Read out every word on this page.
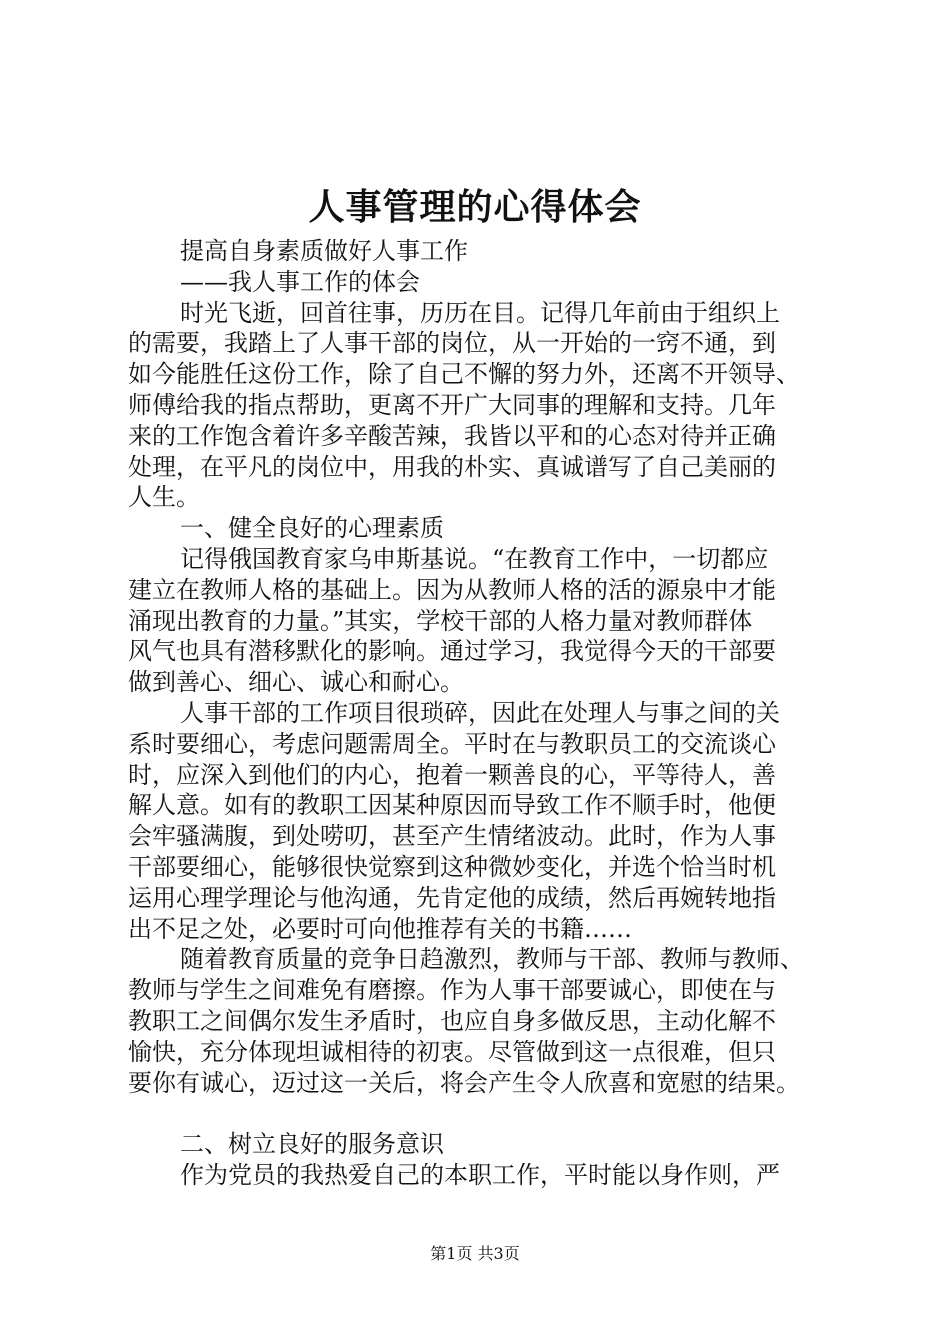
人事管理的心得体会
提高自身素质做好人事工作
——我人事工作的体会
时光飞逝，回首往事，历历在目。记得几年前由于组织上
的需要，我踏上了人事干部的岗位，从一开始的一窍不通，到
如今能胜任这份工作，除了自己不懈的努力外，还离不开领导、
师傅给我的指点帮助，更离不开广大同事的理解和支持。几年
来的工作饱含着许多辛酸苦辣，我皆以平和的心态对待并正确
处理，在平凡的岗位中，用我的朴实、真诚谱写了自己美丽的
人生。
一、健全良好的心理素质
记得俄国教育家乌申斯基说。“在教育工作中，一切都应
建立在教师人格的基础上。因为从教师人格的活的源泉中才能
涌现出教育的力量。”其实，学校干部的人格力量对教师群体
风气也具有潜移默化的影响。通过学习，我觉得今天的干部要
做到善心、细心、诚心和耐心。
人事干部的工作项目很琐碎，因此在处理人与事之间的关
系时要细心，考虑问题需周全。平时在与教职员工的交流谈心
时，应深入到他们的内心，抱着一颗善良的心，平等待人，善
解人意。如有的教职工因某种原因而导致工作不顺手时，他便
会牢骚满腹，到处唠叨，甚至产生情绪波动。此时，作为人事
干部要细心，能够很快觉察到这种微妙变化，并选个恰当时机
运用心理学理论与他沟通，先肯定他的成绩，然后再婉转地指
出不足之处，必要时可向他推荐有关的书籍……
随着教育质量的竞争日趋激烈，教师与干部、教师与教师、
教师与学生之间难免有磨擦。作为人事干部要诚心，即使在与
教职工之间偶尔发生矛盾时，也应自身多做反思，主动化解不
愉快，充分体现坦诚相待的初衷。尽管做到这一点很难，但只
要你有诚心，迈过这一关后，将会产生令人欣喜和宽慰的结果。
二、树立良好的服务意识
作为党员的我热爱自己的本职工作，平时能以身作则，严
第1页 共3页
